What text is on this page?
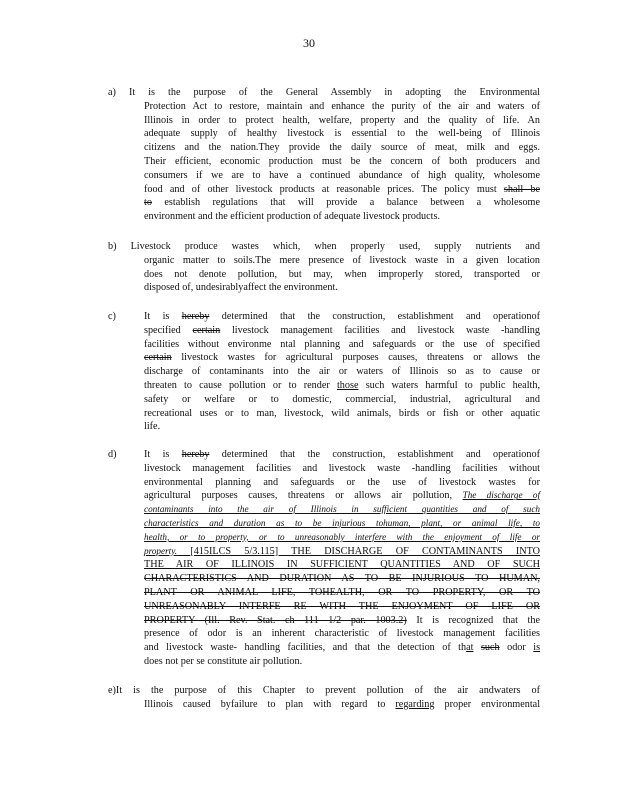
30
a) It is the purpose of the General Assembly in adopting the Environmental
Protection Act to restore, maintain and enhance the purity of the air and waters of
Illinois in order to protect health, welfare, property and the quality of life. An
adequate supply of healthy livestock is essential to the well-being of Illinois
citizens and the nation.They provide the daily source of meat, milk and eggs.
Their efficient, economic production must be the concern of both producers and
consumers if we are to have a continued abundance of high quality, wholesome
food and of other livestock products at reasonable prices. The policy must shall be
to establish regulations that will provide a balance between a wholesome
environment and the efficient production of adequate livestock products.
b) Livestock produce wastes which, when properly used, supply nutrients and
organic matter to soils.The mere presence of livestock waste in a given location
does not denote pollution, but may, when improperly stored, transported or
disposed of, undesirablyaffect the environment.
c)	It is hereby determined that the construction, establishment and operationof
specified certain livestock management facilities and livestock waste -handling
facilities without environme ntal planning and safeguards or the use of specified
certain livestock wastes for agricultural purposes causes, threatens or allows the
discharge of contaminants into the air or waters of Illinois so as to cause or
threaten to cause pollution or to render those such waters harmful to public health,
safety or welfare or to domestic, commercial, industrial, agricultural and
recreational uses or to man, livestock, wild animals, birds or fish or other aquatic
life.
d)	It is hereby determined that the construction, establishment and operationof
livestock management facilities and livestock waste -handling facilities without
environmental planning and safeguards or the use of livestock wastes for
agricultural purposes causes, threatens or allows air pollution, The discharge of
contaminants into the air of Illinois in sufficient quantities and of such
characteristics and duration as to be injurious tohuman, plant, or animal life, to
health, or to property, or to unreasonably interfere with the enjoyment of life or
property. [415ILCS 5/3.115] THE DISCHARGE OF CONTAMINANTS INTO
THE AIR OF ILLINOIS IN SUFFICIENT QUANTITIES AND OF SUCH
CHARACTERISTICS AND DURATION AS TO BE INJURIOUS TO HUMAN,
PLANT OR ANIMAL LIFE, TOHEALTH, OR TO PROPERTY, OR TO
UNREASONABLY INTERFE RE WITH THE ENJOYMENT OF LIFE OR
PROPERTY (Ill. Rev. Stat. ch 111 1/2 par. 1003.2) It is recognized that the
presence of odor is an inherent characteristic of livestock management facilities
and livestock waste- handling facilities, and that the detection of that such odor is
does not per se constitute air pollution.
e)It is the purpose of this Chapter to prevent pollution of the air andwaters of
Illinois caused byfailure to plan with regard to regarding proper environmental
